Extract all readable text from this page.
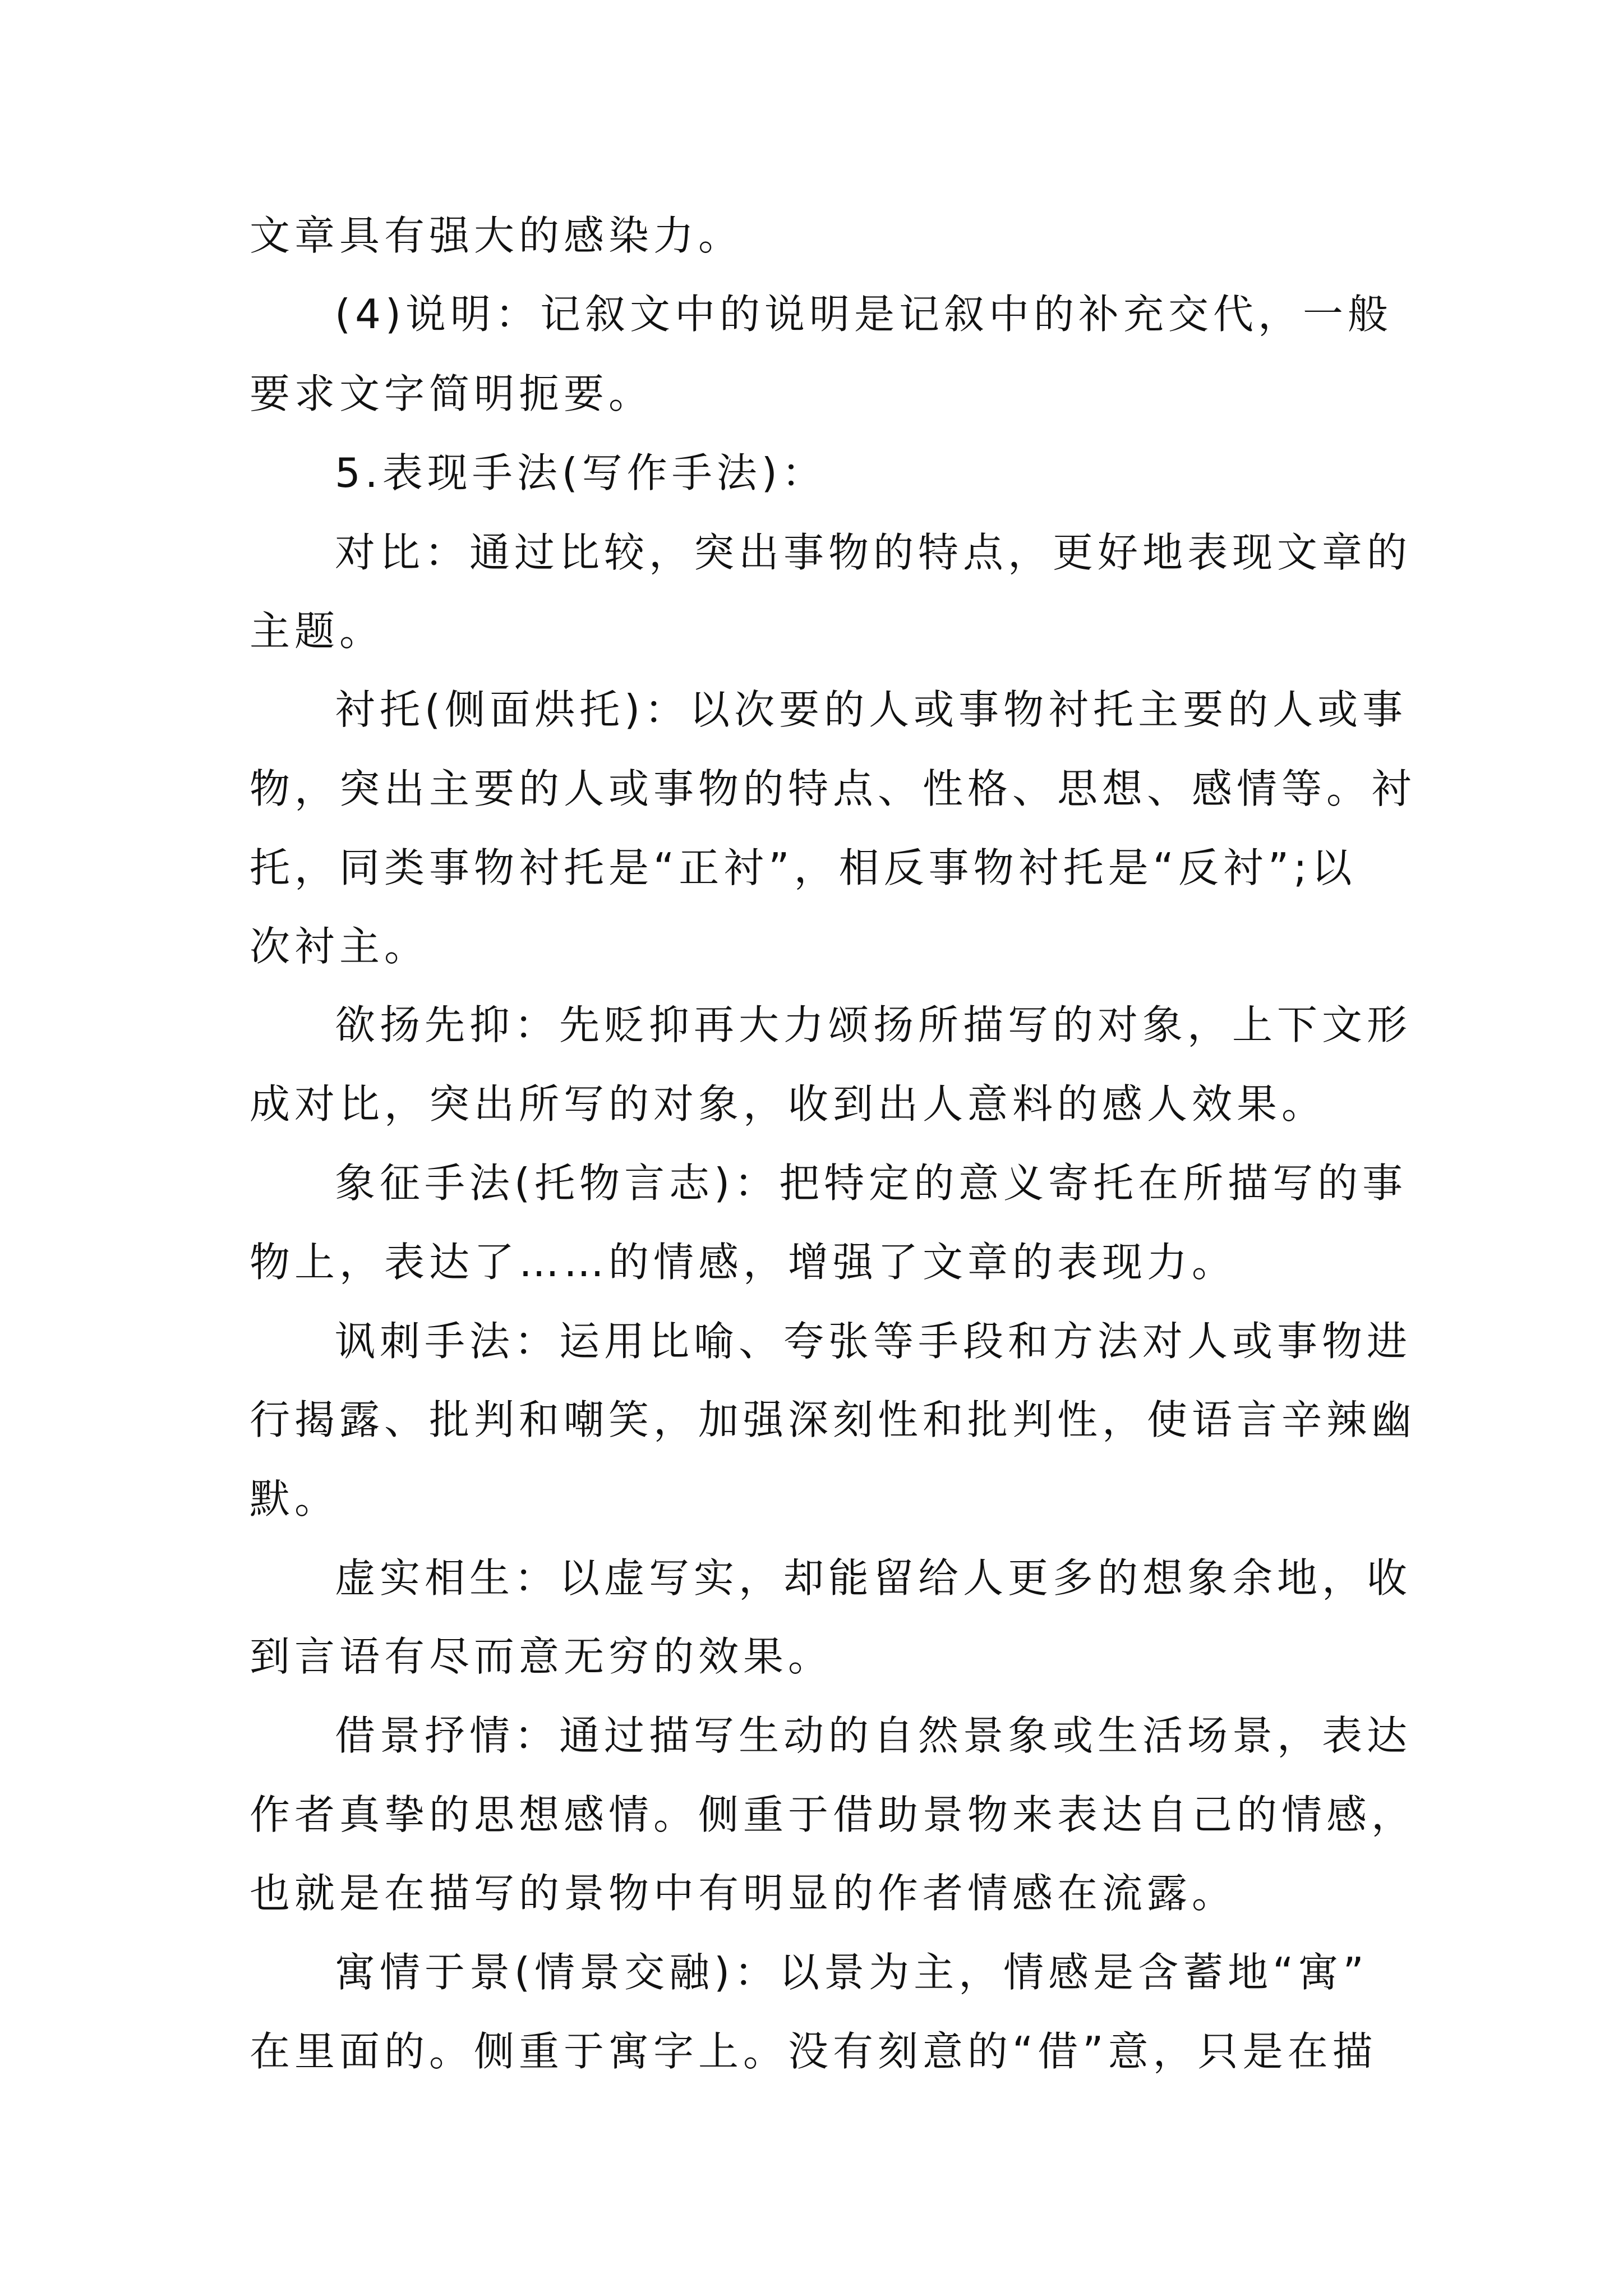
文章具有强大的感染力。
(4)说明：记叙文中的说明是记叙中的补充交代，一般
要求文字简明扼要。
5.表现手法(写作手法)：
对比：通过比较，突出事物的特点，更好地表现文章的
主题。
衬托(侧面烘托)：以次要的人或事物衬托主要的人或事
物，突出主要的人或事物的特点、性格、思想、感情等。衬
托，同类事物衬托是“正衬”，相反事物衬托是“反衬”;以
次衬主。
欲扬先抑：先贬抑再大力颂扬所描写的对象，上下文形
成对比，突出所写的对象，收到出人意料的感人效果。
象征手法(托物言志)：把特定的意义寄托在所描写的事
物上，表达了……的情感，增强了文章的表现力。
讽刺手法：运用比喻、夸张等手段和方法对人或事物进
行揭露、批判和嘲笑，加强深刻性和批判性，使语言辛辣幽
默。
虚实相生：以虚写实，却能留给人更多的想象余地，收
到言语有尽而意无穷的效果。
借景抒情：通过描写生动的自然景象或生活场景，表达
作者真挚的思想感情。侧重于借助景物来表达自己的情感，
也就是在描写的景物中有明显的作者情感在流露。
寓情于景(情景交融)：以景为主，情感是含蓄地“寓”
在里面的。侧重于寓字上。没有刻意的“借”意，只是在描
